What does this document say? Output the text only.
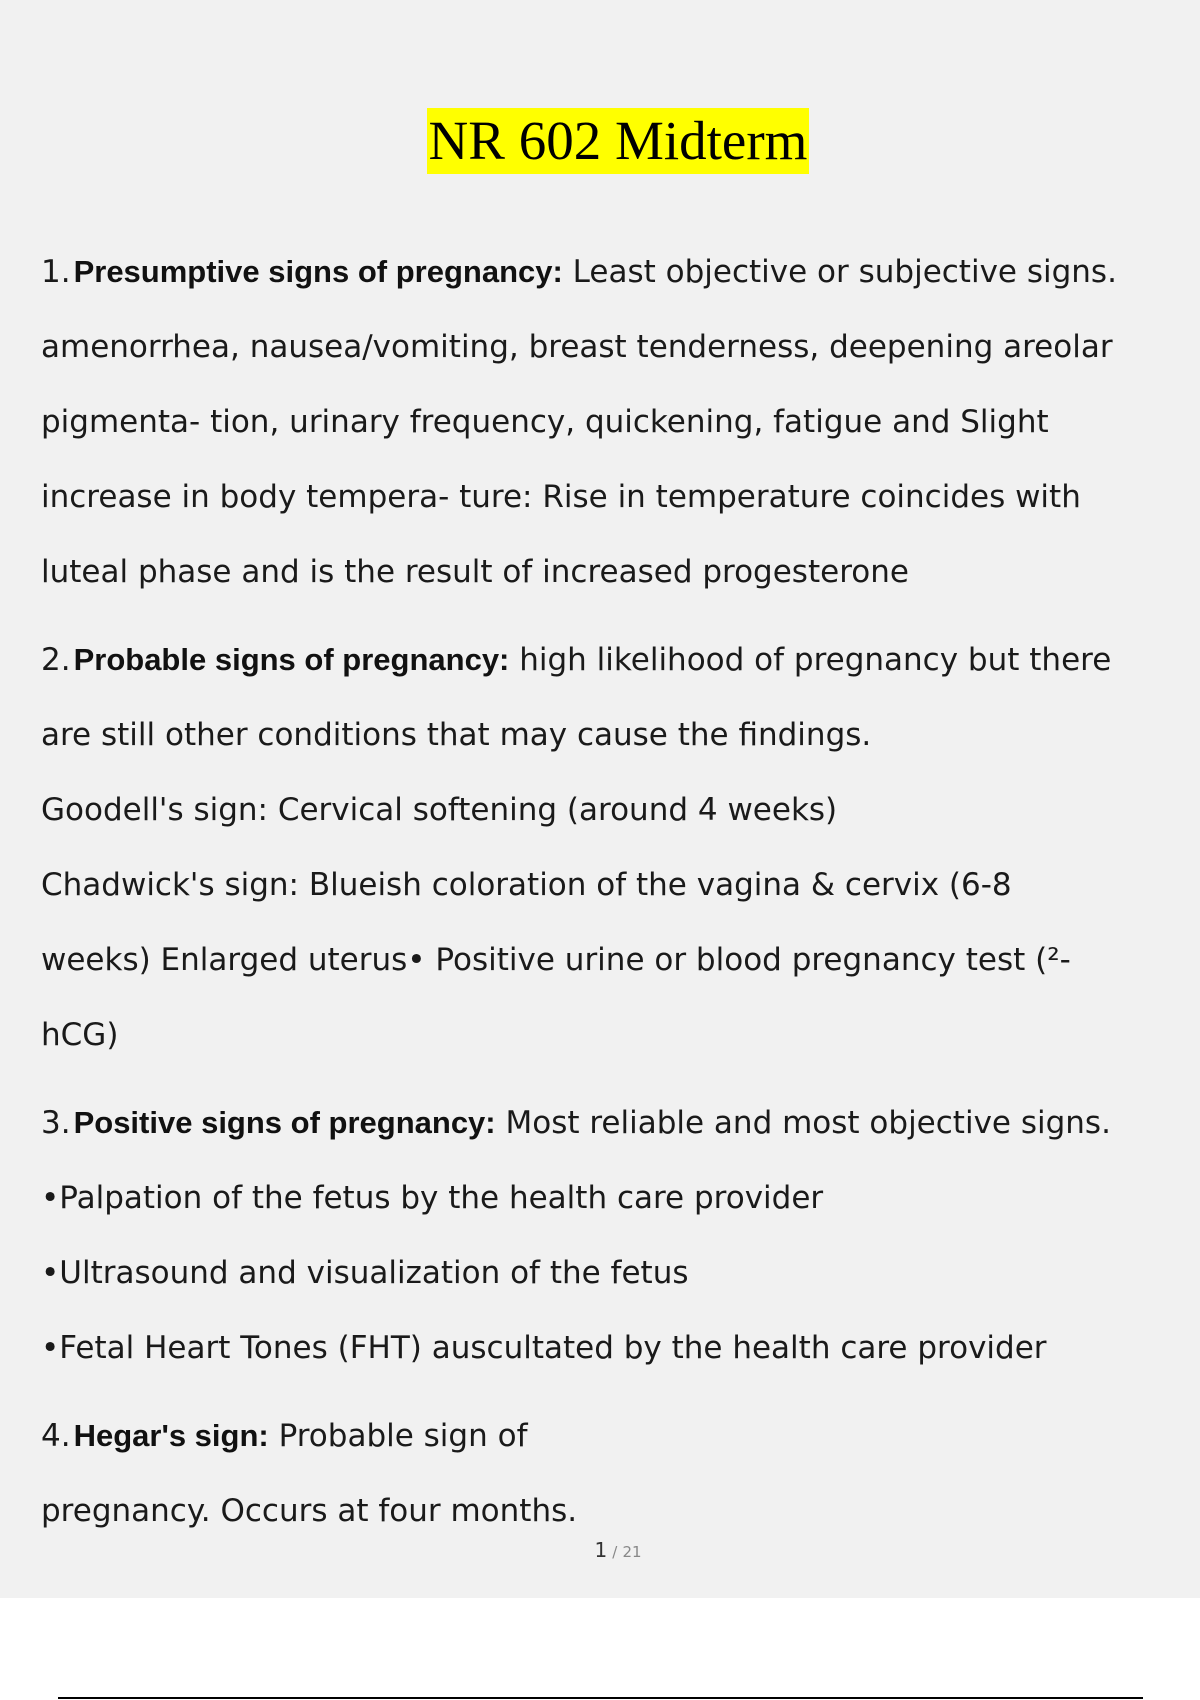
NR 602 Midterm
1.Presumptive signs of pregnancy: Least objective or subjective signs.
amenorrhea, nausea/vomiting, breast tenderness, deepening areolar
pigmenta- tion, urinary frequency, quickening, fatigue and Slight
increase in body tempera- ture: Rise in temperature coincides with
luteal phase and is the result of increased progesterone
2.Probable signs of pregnancy: high likelihood of pregnancy but there
are still other conditions that may cause the findings.
Goodell's sign: Cervical softening (around 4 weeks)
Chadwick's sign: Blueish coloration of the vagina & cervix (6-8
weeks) Enlarged uterus• Positive urine or blood pregnancy test (²-
hCG)
3.Positive signs of pregnancy: Most reliable and most objective signs.
•Palpation of the fetus by the health care provider
•Ultrasound and visualization of the fetus
•Fetal Heart Tones (FHT) auscultated by the health care provider
4.Hegar's sign: Probable sign of
pregnancy. Occurs at four months.
1 / 21
